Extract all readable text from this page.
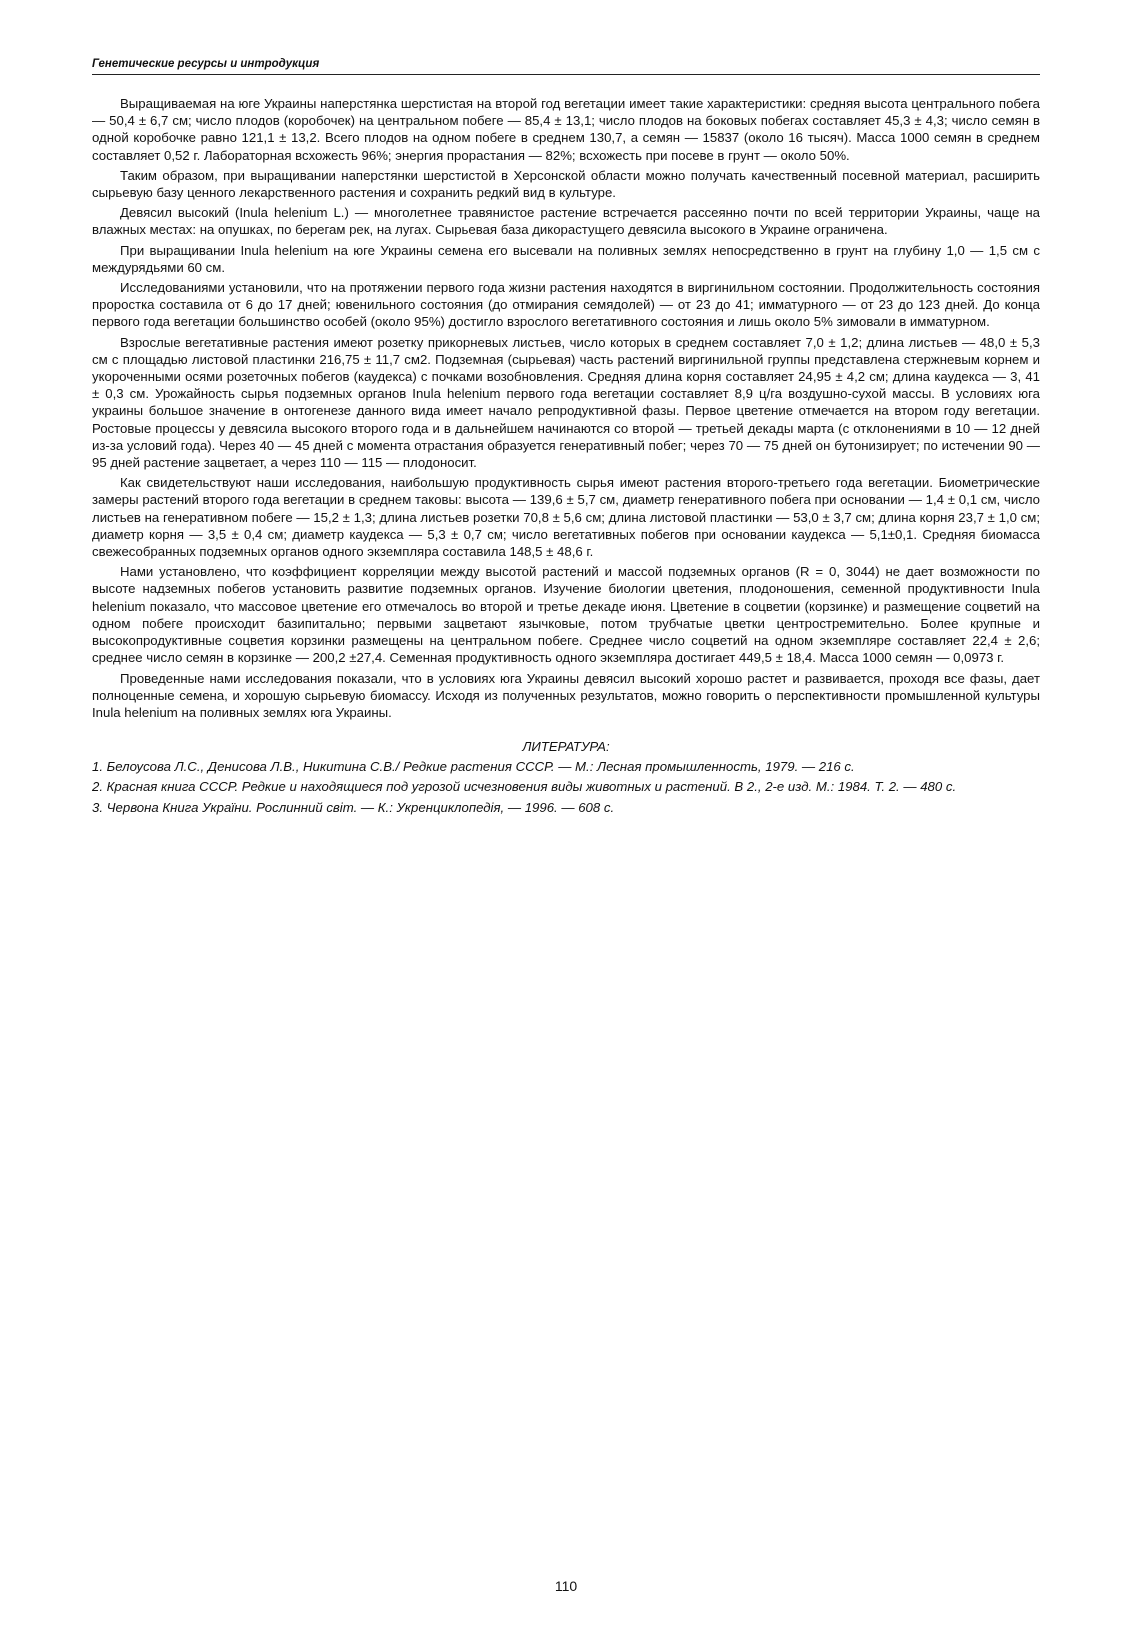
Генетические ресурсы и интродукция

Выращиваемая на юге Украины наперстянка шерстистая на второй год вегетации имеет такие характеристики: средняя высота центрального побега — 50,4 ± 6,7 см; число плодов (коробочек) на центральном побеге — 85,4 ± 13,1; число плодов на боковых побегах составляет 45,3 ± 4,3; число семян в одной коробочке равно 121,1 ± 13,2. Всего плодов на одном побеге в среднем 130,7, а семян — 15837 (около 16 тысяч). Масса 1000 семян в среднем составляет 0,52 г. Лабораторная всхожесть 96%; энергия прорастания — 82%; всхожесть при посеве в грунт — около 50%.

Таким образом, при выращивании наперстянки шерстистой в Херсонской области можно получать качественный посевной материал, расширить сырьевую базу ценного лекарственного растения и сохранить редкий вид в культуре.

Девясил высокий (Inula helenium L.) — многолетнее травянистое растение встречается рассеянно почти по всей территории Украины, чаще на влажных местах: на опушках, по берегам рек, на лугах. Сырьевая база дикорастущего девясила высокого в Украине ограничена.

При выращивании Inula helenium на юге Украины семена его высевали на поливных землях непосредственно в грунт на глубину 1,0 — 1,5 см с междурядьями 60 см.

Исследованиями установили, что на протяжении первого года жизни растения находятся в виргинильном состоянии. Продолжительность состояния проростка составила от 6 до 17 дней; ювенильного состояния (до отмирания семядолей) — от 23 до 41; имматурного — от 23 до 123 дней. До конца первого года вегетации большинство особей (около 95%) достигло взрослого вегетативного состояния и лишь около 5% зимовали в имматурном.

Взрослые вегетативные растения имеют розетку прикорневых листьев, число которых в среднем составляет 7,0 ± 1,2; длина листьев — 48,0 ± 5,3 см с площадью листовой пластинки 216,75 ± 11,7 см2. Подземная (сырьевая) часть растений виргинильной группы представлена стержневым корнем и укороченными осями розеточных побегов (каудекса) с почками возобновления. Средняя длина корня составляет 24,95 ± 4,2 см; длина каудекса — 3, 41 ± 0,3 см. Урожайность сырья подземных органов Inula helenium первого года вегетации составляет 8,9 ц/га воздушно-сухой массы. В условиях юга украины большое значение в онтогенезе данного вида имеет начало репродуктивной фазы. Первое цветение отмечается на втором году вегетации. Ростовые процессы у девясила высокого второго года и в дальнейшем начинаются со второй — третьей декады марта (с отклонениями в 10 — 12 дней из-за условий года). Через 40 — 45 дней с момента отрастания образуется генеративный побег; через 70 — 75 дней он бутонизирует; по истечении 90 — 95 дней растение зацветает, а через 110 — 115 — плодоносит.

Как свидетельствуют наши исследования, наибольшую продуктивность сырья имеют растения второго-третьего года вегетации. Биометрические замеры растений второго года вегетации в среднем таковы: высота — 139,6 ± 5,7 см, диаметр генеративного побега при основании — 1,4 ± 0,1 см, число листьев на генеративном побеге — 15,2 ± 1,3; длина листьев розетки 70,8 ± 5,6 см; длина листовой пластинки — 53,0 ± 3,7 см; длина корня 23,7 ± 1,0 см; диаметр корня — 3,5 ± 0,4 см; диаметр каудекса — 5,3 ± 0,7 см; число вегетативных побегов при основании каудекса — 5,1±0,1. Средняя биомасса свежесобранных подземных органов одного экземпляра составила 148,5 ± 48,6 г.

Нами установлено, что коэффициент корреляции между высотой растений и массой подземных органов (R = 0, 3044) не дает возможности по высоте надземных побегов установить развитие подземных органов. Изучение биологии цветения, плодоношения, семенной продуктивности Inula helenium показало, что массовое цветение его отмечалось во второй и третье декаде июня. Цветение в соцветии (корзинке) и размещение соцветий на одном побеге происходит базипитально; первыми зацветают язычковые, потом трубчатые цветки центростремительно. Более крупные и высокопродуктивные соцветия корзинки размещены на центральном побеге. Среднее число соцветий на одном экземпляре составляет 22,4 ± 2,6; среднее число семян в корзинке — 200,2 ±27,4. Семенная продуктивность одного экземпляра достигает 449,5 ± 18,4. Масса 1000 семян — 0,0973 г.

Проведенные нами исследования показали, что в условиях юга Украины девясил высокий хорошо растет и развивается, проходя все фазы, дает полноценные семена, и хорошую сырьевую биомассу. Исходя из полученных результатов, можно говорить о перспективности промышленной культуры Inula helenium на поливных землях юга Украины.

ЛИТЕРАТУРА:

1. Белоусова Л.С., Денисова Л.В., Никитина С.В./ Редкие растения СССР. — М.: Лесная промышленность, 1979. — 216 с.

2. Красная книга СССР. Редкие и находящиеся под угрозой исчезновения виды животных и растений. В 2., 2-е изд. М.: 1984. Т. 2. — 480 с.

3. Червона Книга України. Рослинний світ. — К.: Укренциклопедія, — 1996. — 608 с.

110
